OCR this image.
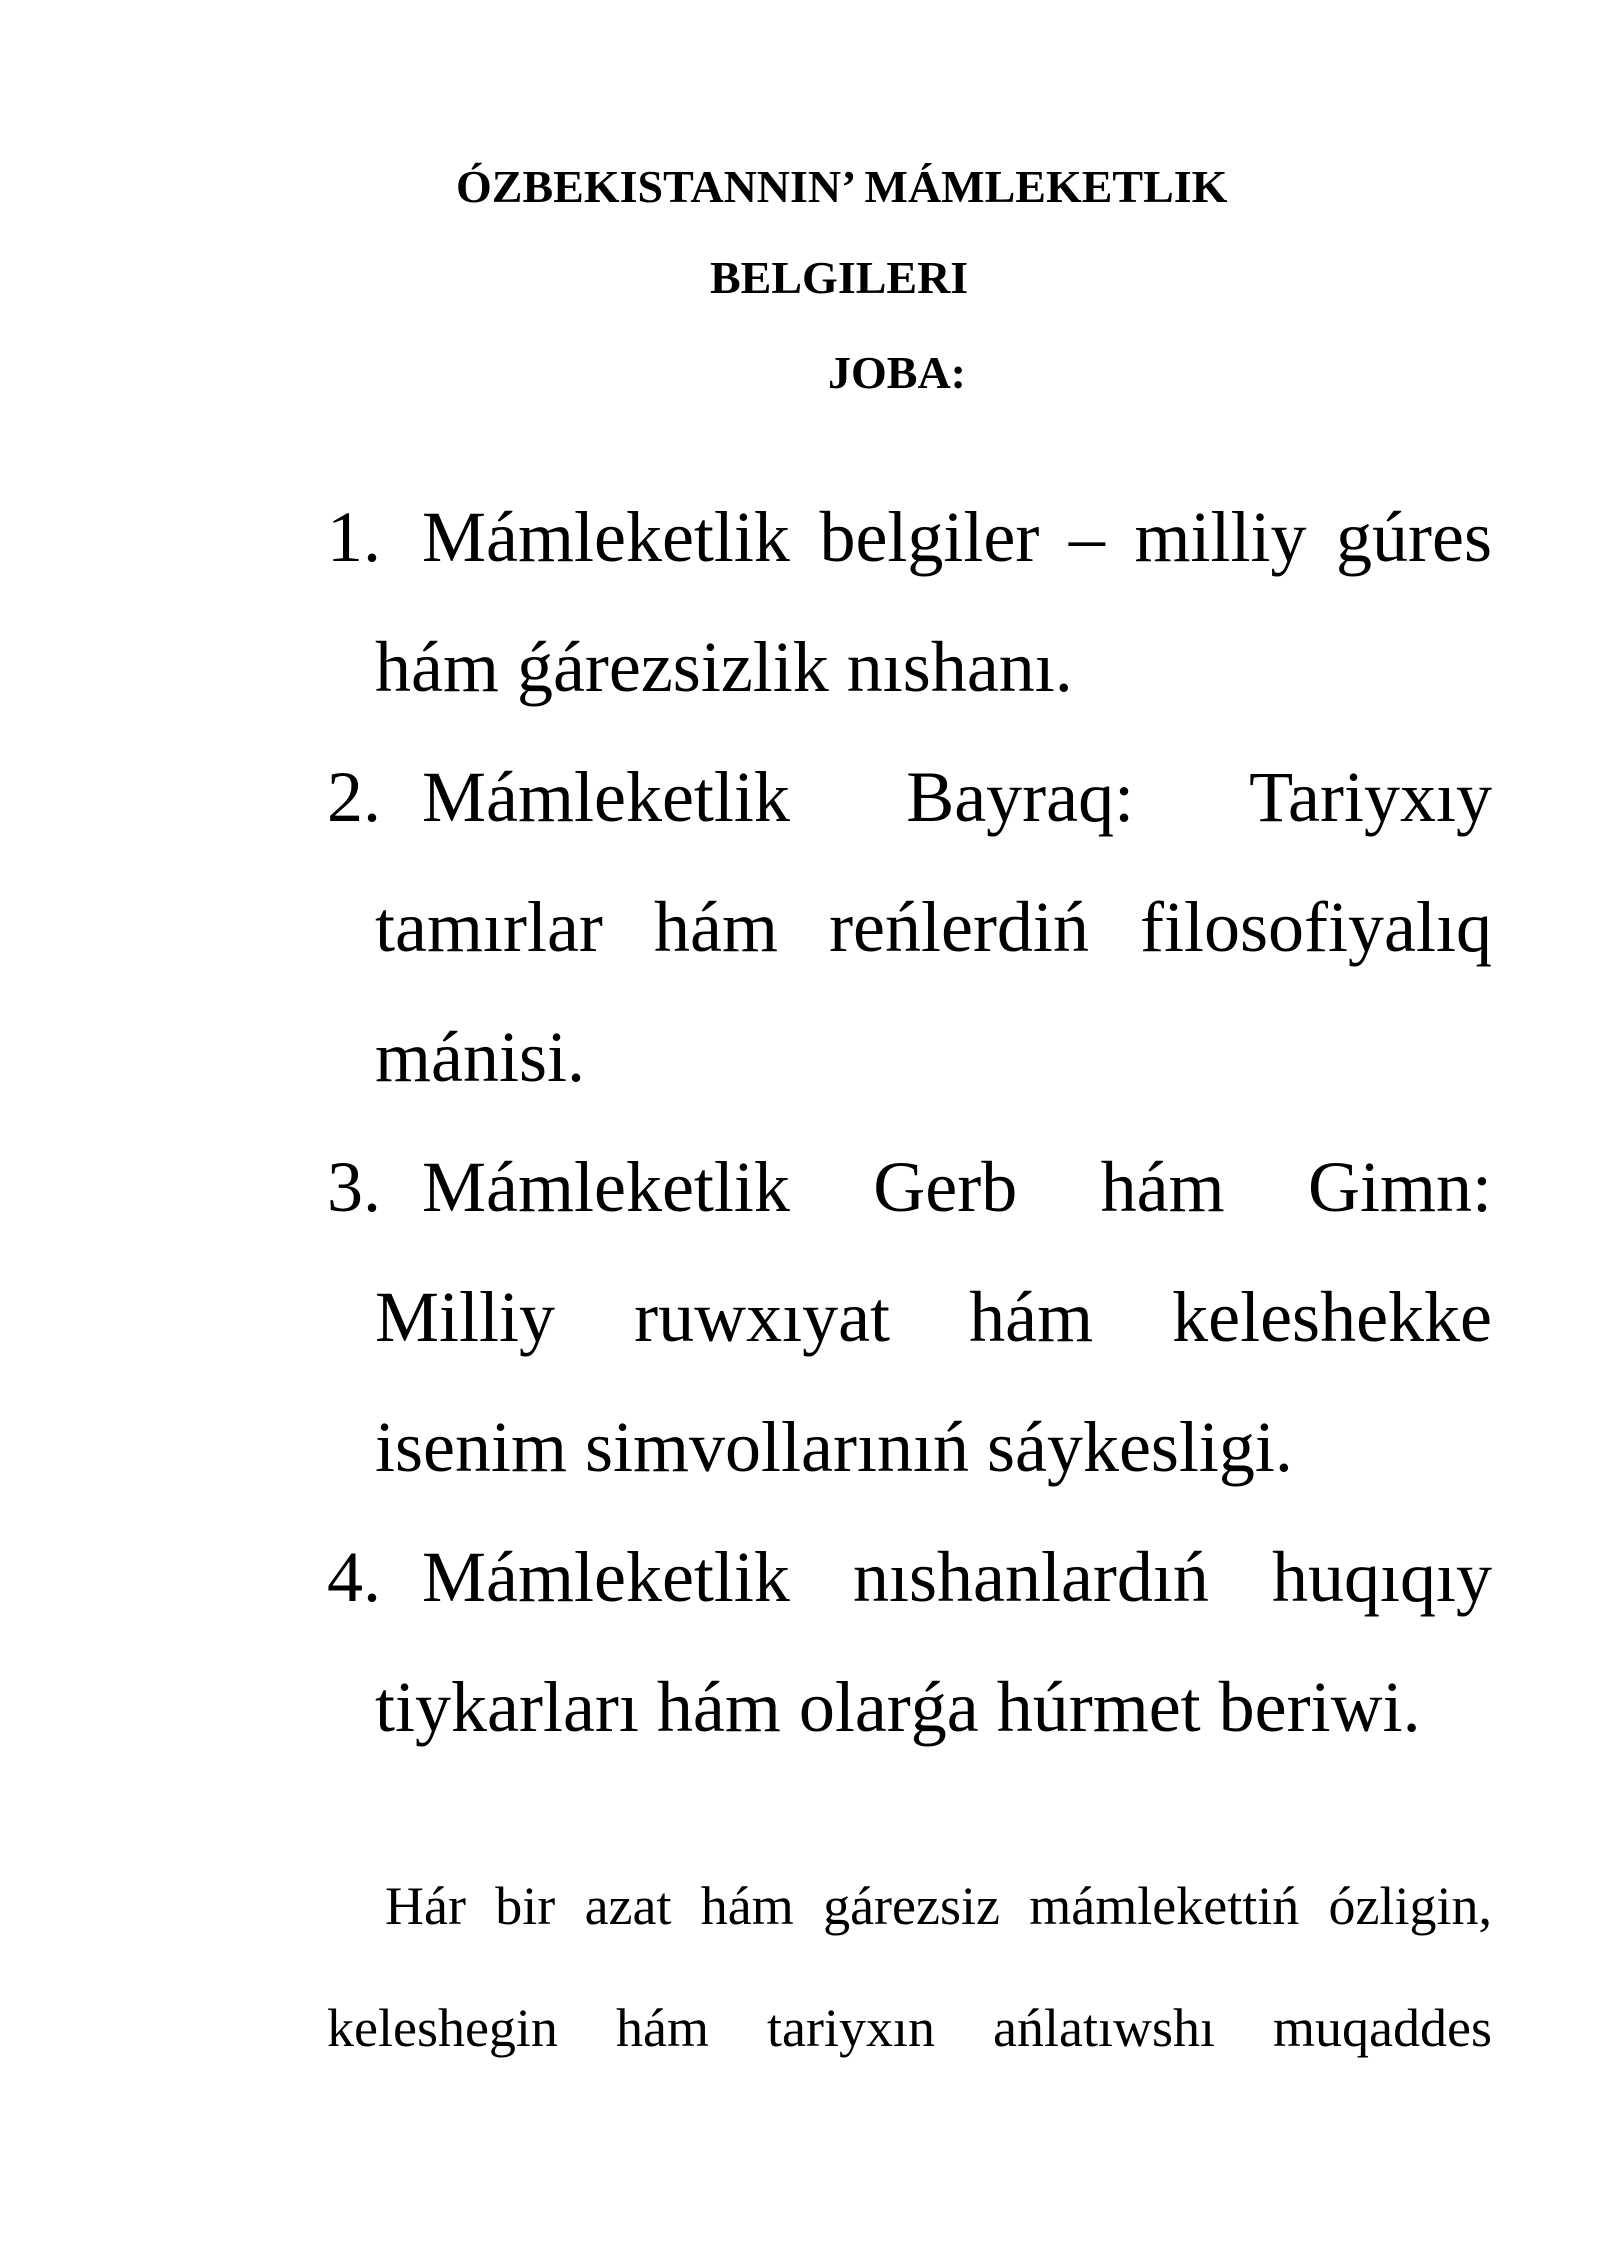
ÓZBEKISTANNIN’ MÁMLEKETLIK
BELGILERI
JOBA:
1. Mámleketlik belgiler – milliy gúres hám ǵárezsizlik nıshanı.
2. Mámleketlik Bayraq: Tariyxıy tamırlar hám reńlerdiń filosofiyalıq mánisi.
3. Mámleketlik Gerb hám Gimn: Milliy ruwxıyat hám keleshekke isenim simvollarınıń sáykesligi.
4. Mámleketlik nıshanlardıń huqıqıy tiykarları hám olarǵa húrmet beriwi.
Hár bir azat hám gárezsiz mámlekettiń ózligin, keleshegin hám tariyxın ańlatıwshı muqaddes
